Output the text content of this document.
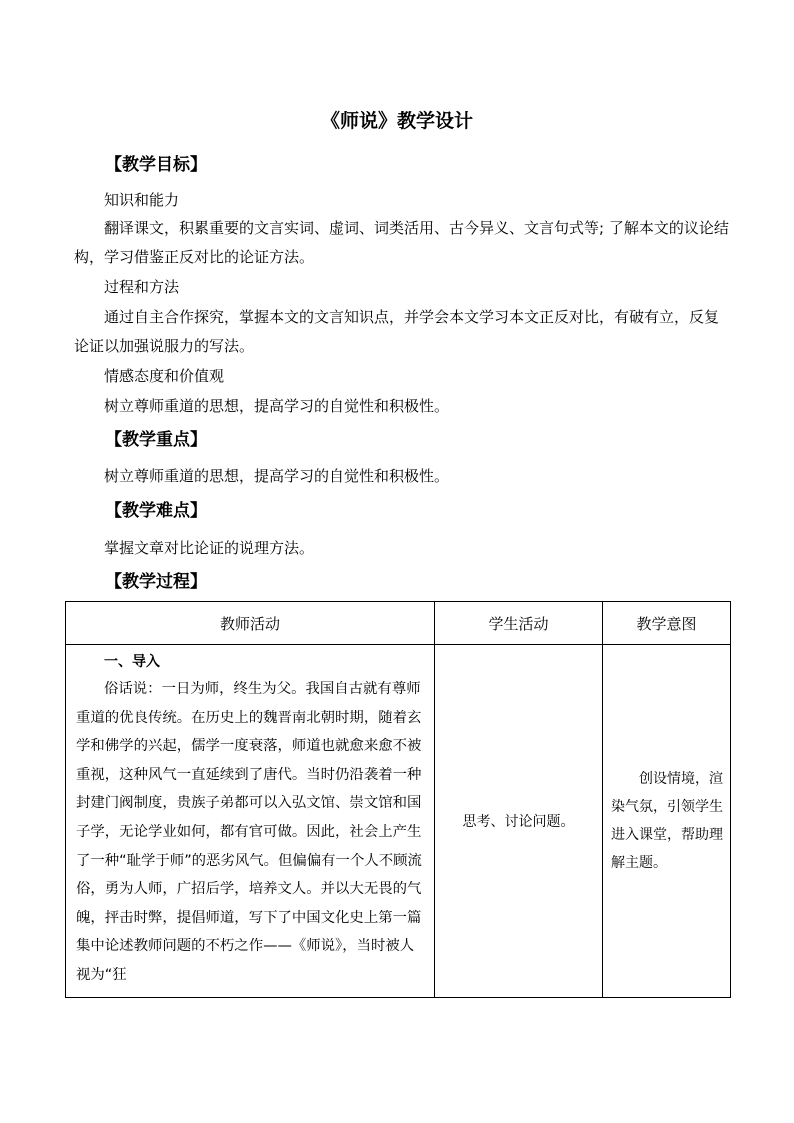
《师说》教学设计
【教学目标】
知识和能力
翻译课文，积累重要的文言实词、虚词、词类活用、古今异义、文言句式等; 了解本文的议论结构，学习借鉴正反对比的论证方法。
过程和方法
通过自主合作探究，掌握本文的文言知识点，并学会本文学习本文正反对比，有破有立，反复论证以加强说服力的写法。
情感态度和价值观
树立尊师重道的思想，提高学习的自觉性和积极性。
【教学重点】
树立尊师重道的思想，提高学习的自觉性和积极性。
【教学难点】
掌握文章对比论证的说理方法。
【教学过程】
教师活动	学生活动	教学意图

一、导入
俗话说：一日为师，终生为父。我国自古就有尊师重道的优良传统。在历史上的魏晋南北朝时期，随着玄学和佛学的兴起，儒学一度衰落，师道也就愈来愈不被重视，这种风气一直延续到了唐代。当时仍沿袭着一种封建门阀制度，贵族子弟都可以入弘文馆、崇文馆和国子学，无论学业如何，都有官可做。因此，社会上产生了一种“耻学于师”的恶劣风气。但偏偏有一个人不顾流俗，勇为人师，广招后学，培养文人。并以大无畏的气魄，抨击时弊，提倡师道，写下了中国文化史上第一篇集中论述教师问题的不朽之作——《师说》，当时被人视为“狂	思考、讨论问题。	创设情境，渲染气氛，引领学生进入课堂，帮助理解主题。
